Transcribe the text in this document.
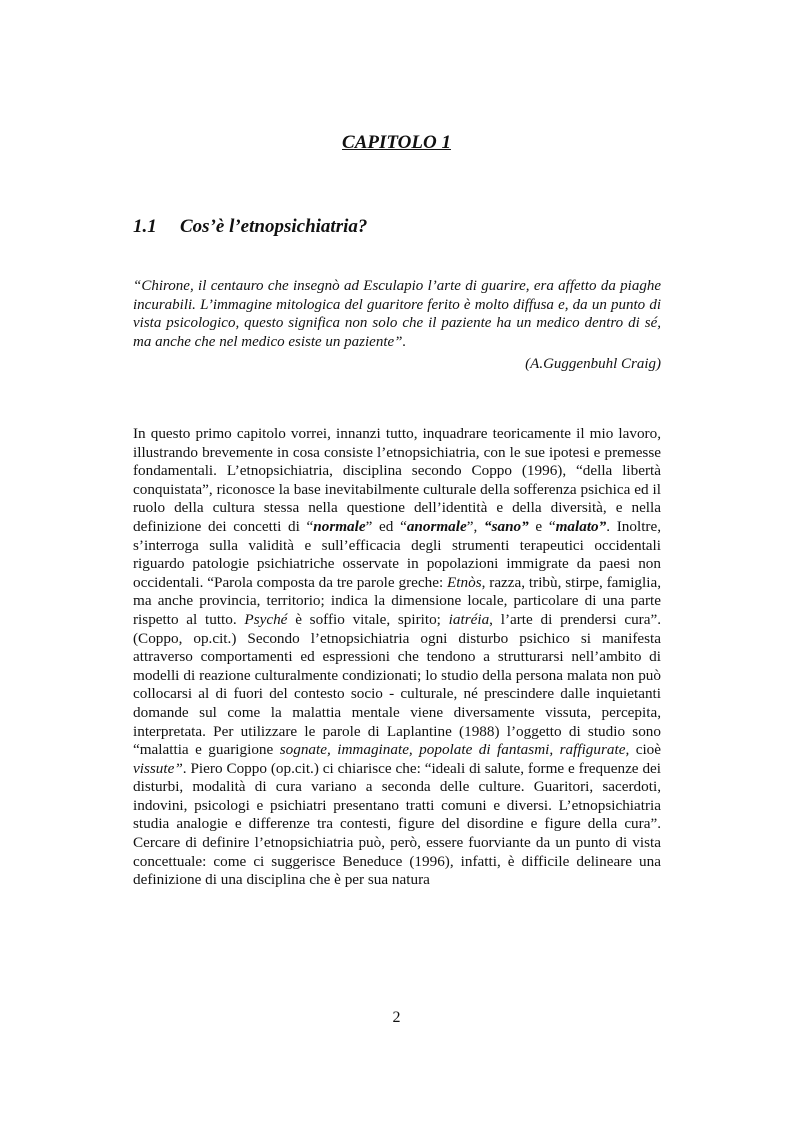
CAPITOLO 1
1.1 Cos’è l’etnopsichiatria?
“Chirone, il centauro che insegnò ad Esculapio l’arte di guarire, era affetto da piaghe incurabili. L’immagine mitologica del guaritore ferito è molto diffusa e, da un punto di vista psicologico, questo significa non solo che il paziente ha un medico dentro di sé, ma anche che nel medico esiste un paziente”.
(A.Guggenbuhl Craig)
In questo primo capitolo vorrei, innanzi tutto, inquadrare teoricamente il mio lavoro, illustrando brevemente in cosa consiste l’etnopsichiatria, con le sue ipotesi e premesse fondamentali. L’etnopsichiatria, disciplina secondo Coppo (1996), “della libertà conquistata”, riconosce la base inevitabilmente culturale della sofferenza psichica ed il ruolo della cultura stessa nella questione dell’identità e della diversità, e nella definizione dei concetti di “normale” ed “anormale”, “sano” e “malato”. Inoltre, s’interroga sulla validità e sull’efficacia degli strumenti terapeutici occidentali riguardo patologie psichiatriche osservate in popolazioni immigrate da paesi non occidentali. “Parola composta da tre parole greche: Etnòs, razza, tribù, stirpe, famiglia, ma anche provincia, territorio; indica la dimensione locale, particolare di una parte rispetto al tutto. Psyché è soffio vitale, spirito; iatréia, l’arte di prendersi cura”. (Coppo, op.cit.) Secondo l’etnopsichiatria ogni disturbo psichico si manifesta attraverso comportamenti ed espressioni che tendono a strutturarsi nell’ambito di modelli di reazione culturalmente condizionati; lo studio della persona malata non può collocarsi al di fuori del contesto socio - culturale, né prescindere dalle inquietanti domande sul come la malattia mentale viene diversamente vissuta, percepita, interpretata. Per utilizzare le parole di Laplantine (1988) l’oggetto di studio sono “malattia e guarigione sognate, immaginate, popolate di fantasmi, raffigurate, cioè vissute”. Piero Coppo (op.cit.) ci chiarisce che: “ideali di salute, forme e frequenze dei disturbi, modalità di cura variano a seconda delle culture. Guaritori, sacerdoti, indovini, psicologi e psichiatri presentano tratti comuni e diversi. L’etnopsichiatria studia analogie e differenze tra contesti, figure del disordine e figure della cura”. Cercare di definire l’etnopsichiatria può, però, essere fuorviante da un punto di vista concettuale: come ci suggerisce Beneduce (1996), infatti, è difficile delineare una definizione di una disciplina che è per sua natura
2
